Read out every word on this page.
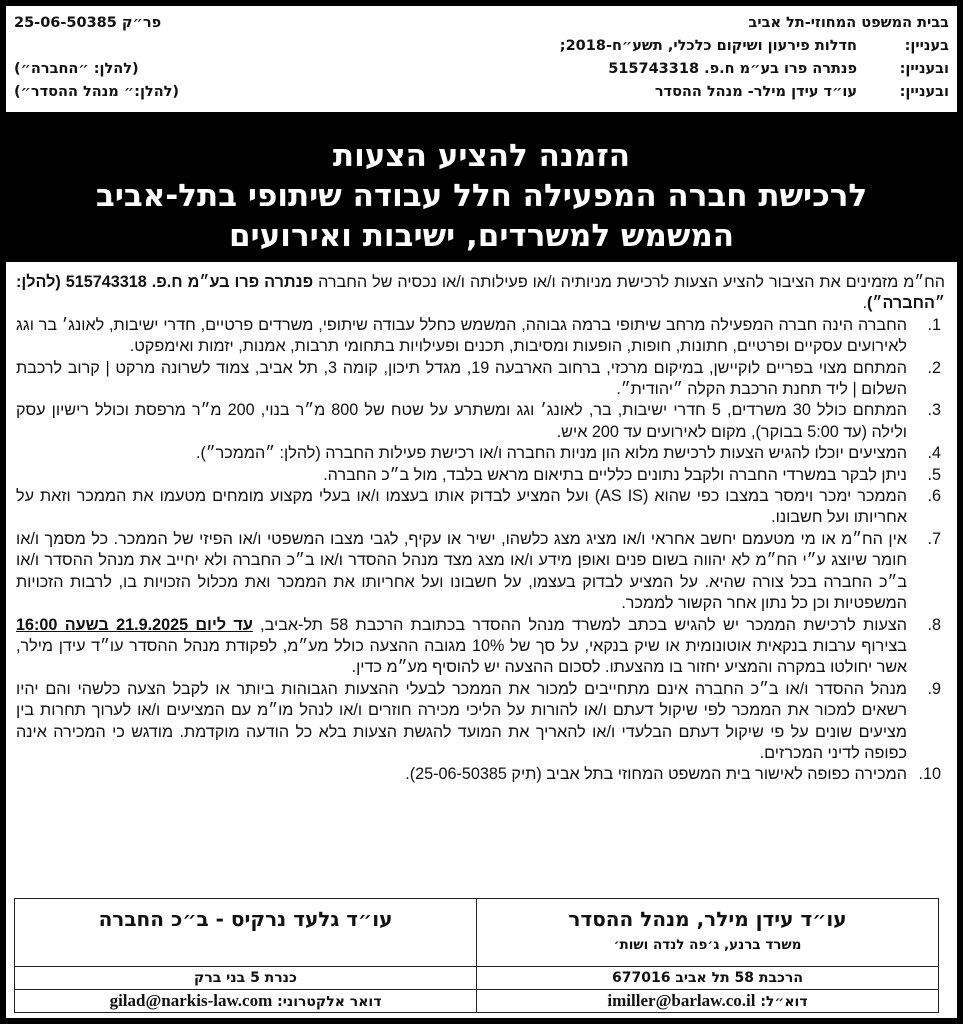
בבית המשפט המחוזי-תל אביב
פר״ק 25-06-50385
בעניין:
חדלות פירעון ושיקום כלכלי, תשע״ח-2018;
ובעניין:
פנתרה פרו בע״מ ח.פ. 515743318
(להלן: ״החברה״)
ובעניין:
עו״ד עידן מילר- מנהל ההסדר
(להלן:״ מנהל ההסדר״)
הזמנה להציע הצעות
לרכישת חברה המפעילה חלל עבודה שיתופי בתל-אביב
המשמש למשרדים, ישיבות ואירועים

הח״מ מזמינים את הציבור להציע הצעות לרכישת מניותיה ו/או פעילותה ו/או נכסיה של החברה פנתרה פרו בע״מ ח.פ. 515743318 (להלן: ״החברה״).

1.
החברה הינה חברה המפעילה מרחב שיתופי ברמה גבוהה, המשמש כחלל עבודה שיתופי, משרדים פרטיים, חדרי ישיבות, לאונג׳ בר וגג לאירועים עסקיים ופרטיים, חתונות, חופות, הופעות ומסיבות, תכנים ופעילויות בתחומי תרבות, אמנות, יזמות ואימפקט.
2.
המתחם מצוי בפריים לוקיישן, במיקום מרכזי, ברחוב הארבעה 19, מגדל תיכון, קומה 3, תל אביב, צמוד לשרונה מרקט | קרוב לרכבת השלום | ליד תחנת הרכבת הקלה ״יהודית״.
3.
המתחם כולל 30 משרדים, 5 חדרי ישיבות, בר, לאונג׳ וגג ומשתרע על שטח של 800 מ״ר בנוי, 200 מ״ר מרפסת וכולל רישיון עסק ולילה (עד 5:00 בבוקר), מקום לאירועים עד 200 איש.
4.
המציעים יוכלו להגיש הצעות לרכישת מלוא הון מניות החברה ו/או רכישת פעילות החברה (להלן: ״הממכר״).
5.
ניתן לבקר במשרדי החברה ולקבל נתונים כלליים בתיאום מראש בלבד, מול ב״כ החברה.
6.
הממכר ימכר וימסר במצבו כפי שהוא (AS IS) ועל המציע לבדוק אותו בעצמו ו/או בעלי מקצוע מומחים מטעמו את הממכר וזאת על אחריותו ועל חשבונו.
7.
אין הח״מ או מי מטעמם יחשב אחראי ו/או מציג מצג כלשהו, ישיר או עקיף, לגבי מצבו המשפטי ו/או הפיזי של הממכר. כל מסמך ו/או חומר שיוצג ע״י הח״מ לא יהווה בשום פנים ואופן מידע ו/או מצג מצד מנהל ההסדר ו/או ב״כ החברה ולא יחייב את מנהל ההסדר ו/או ב״כ החברה בכל צורה שהיא. על המציע לבדוק בעצמו, על חשבונו ועל אחריותו את הממכר ואת מכלול הזכויות בו, לרבות הזכויות המשפטיות וכן כל נתון אחר הקשור לממכר.
8.
הצעות לרכישת הממכר יש להגיש בכתב למשרד מנהל ההסדר בכתובת הרכבת 58 תל-אביב, עד ליום 21.9.2025 בשעה 16:00 בצירוף ערבות בנקאית אוטונומית או שיק בנקאי, על סך של 10% מגובה ההצעה כולל מע״מ, לפקודת מנהל ההסדר עו״ד עידן מילר, אשר יחולטו במקרה והמציע יחזור בו מהצעתו. לסכום ההצעה יש להוסיף מע״מ כדין.
9.
מנהל ההסדר ו/או ב״כ החברה אינם מתחייבים למכור את הממכר לבעלי ההצעות הגבוהות ביותר או לקבל הצעה כלשהי והם יהיו רשאים למכור את הממכר לפי שיקול דעתם ו/או להורות על הליכי מכירה חוזרים ו/או לנהל מו״מ עם המציעים ו/או לערוך תחרות בין מציעים שונים על פי שיקול דעתם הבלעדי ו/או להאריך את המועד להגשת הצעות בלא כל הודעה מוקדמת. מודגש כי המכירה אינה כפופה לדיני המכרזים.
10.
המכירה כפופה לאישור בית המשפט המחוזי בתל אביב (תיק 25-06-50385).
עו״ד עידן מילר, מנהל ההסדר
משרד ברנע, ג׳פה לנדה ושות׳
הרכבת 58 תל אביב 677016
דוא״ל: imiller@barlaw.co.il
עו״ד גלעד נרקיס - ב״כ החברה
כנרת 5 בני ברק
דואר אלקטרוני: gilad@narkis-law.com
